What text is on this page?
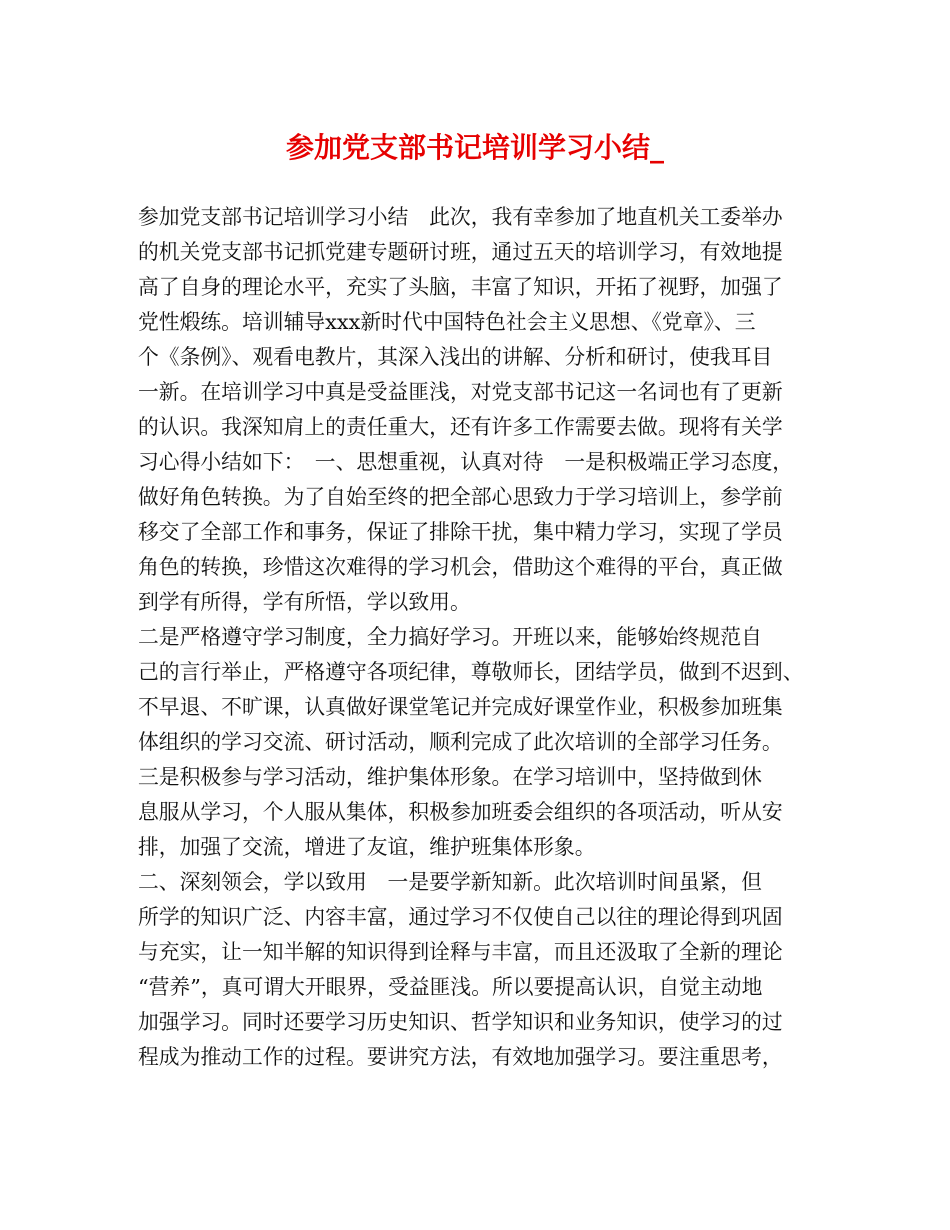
参加党支部书记培训学习小结_
参加党支部书记培训学习小结　此次，我有幸参加了地直机关工委举办
的机关党支部书记抓党建专题研讨班，通过五天的培训学习，有效地提
高了自身的理论水平，充实了头脑，丰富了知识，开拓了视野，加强了
党性煅练。培训辅导xxx新时代中国特色社会主义思想、《党章》、三
个《条例》、观看电教片，其深入浅出的讲解、分析和研讨，使我耳目
一新。在培训学习中真是受益匪浅，对党支部书记这一名词也有了更新
的认识。我深知肩上的责任重大，还有许多工作需要去做。现将有关学
习心得小结如下：　一、思想重视，认真对待　一是积极端正学习态度，
做好角色转换。为了自始至终的把全部心思致力于学习培训上，参学前
移交了全部工作和事务，保证了排除干扰，集中精力学习，实现了学员
角色的转换，珍惜这次难得的学习机会，借助这个难得的平台，真正做
到学有所得，学有所悟，学以致用。
二是严格遵守学习制度，全力搞好学习。开班以来，能够始终规范自
己的言行举止，严格遵守各项纪律，尊敬师长，团结学员，做到不迟到、
不早退、不旷课，认真做好课堂笔记并完成好课堂作业，积极参加班集
体组织的学习交流、研讨活动，顺利完成了此次培训的全部学习任务。
三是积极参与学习活动，维护集体形象。在学习培训中，坚持做到休
息服从学习，个人服从集体，积极参加班委会组织的各项活动，听从安
排，加强了交流，增进了友谊，维护班集体形象。
二、深刻领会，学以致用　一是要学新知新。此次培训时间虽紧，但
所学的知识广泛、内容丰富，通过学习不仅使自己以往的理论得到巩固
与充实，让一知半解的知识得到诠释与丰富，而且还汲取了全新的理论
“营养”，真可谓大开眼界，受益匪浅。所以要提高认识，自觉主动地
加强学习。同时还要学习历史知识、哲学知识和业务知识，使学习的过
程成为推动工作的过程。要讲究方法，有效地加强学习。要注重思考，
